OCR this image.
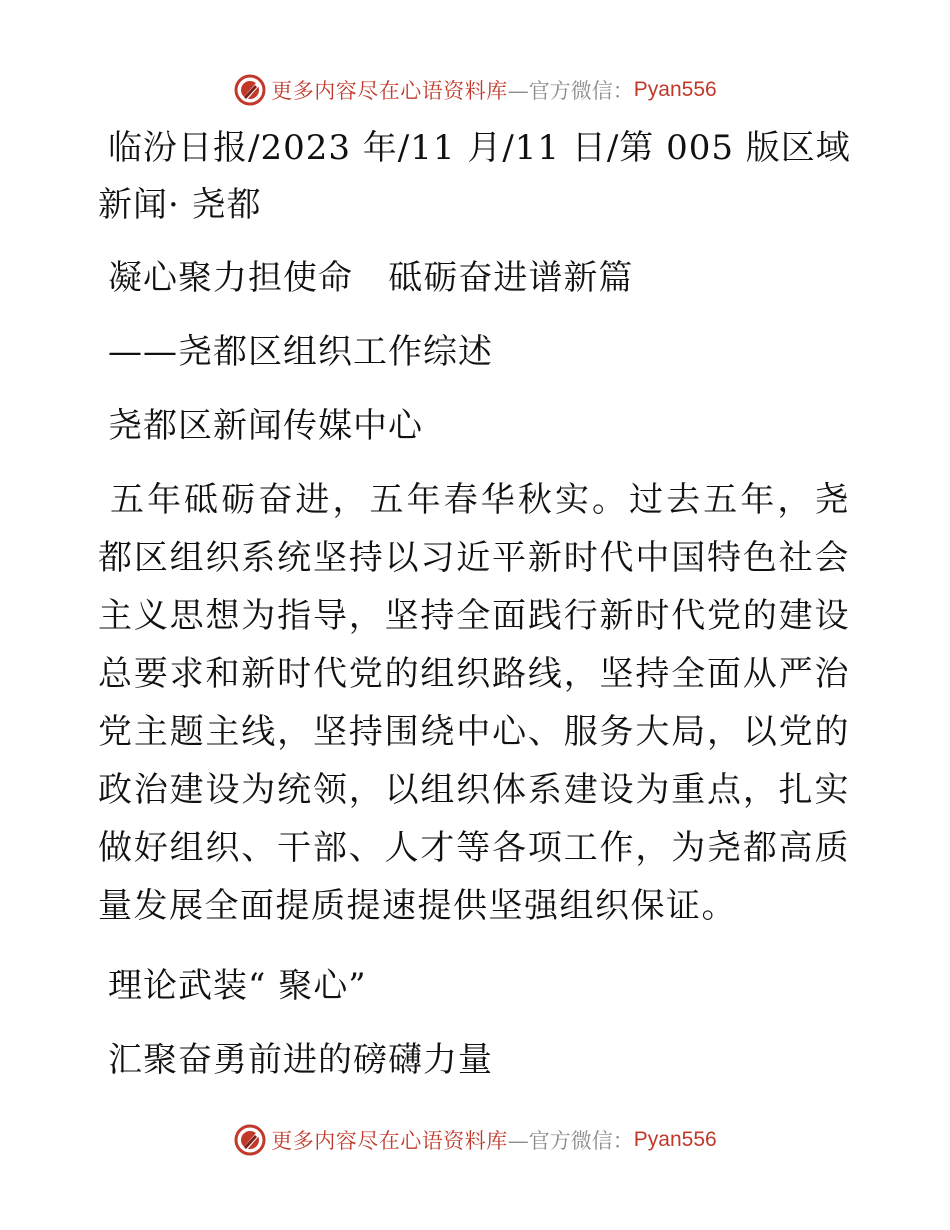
更多内容尽在心语资料库 —官方微信： Pyan556
临汾日报/2023 年/11 月/11 日/第 005 版区域
新闻· 尧都
凝心聚力担使命   砥砺奋进谱新篇
——尧都区组织工作综述
尧都区新闻传媒中心
五年砥砺奋进，五年春华秋实。过去五年，尧都区组织系统坚持以习近平新时代中国特色社会主义思想为指导，坚持全面践行新时代党的建设总要求和新时代党的组织路线，坚持全面从严治党主题主线，坚持围绕中心、服务大局，以党的政治建设为统领，以组织体系建设为重点，扎实做好组织、干部、人才等各项工作，为尧都高质量发展全面提质提速提供坚强组织保证。
理论武装“ 聚心”
汇聚奋勇前进的磅礴力量
更多内容尽在心语资料库 —官方微信： Pyan556
